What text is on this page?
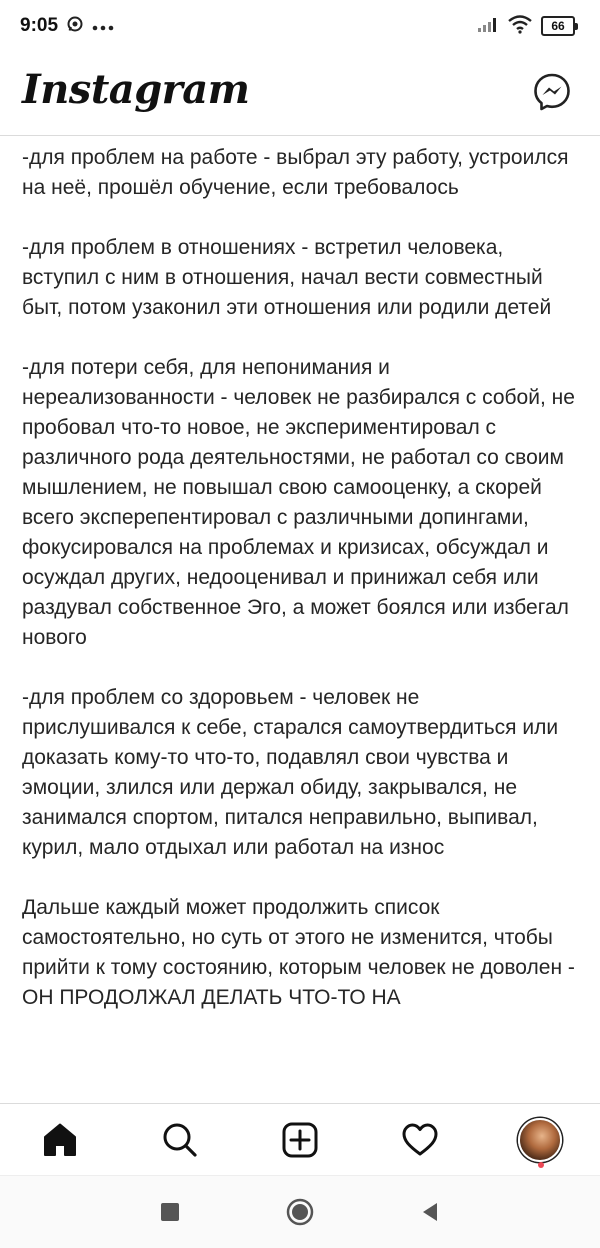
9:05	66
Instagram

-для проблем на работе - выбрал эту работу, устроился на неё, прошёл обучение, если требовалось

-для проблем в отношениях - встретил человека, вступил с ним в отношения, начал вести совместный быт, потом узаконил эти отношения или родили детей

-для потери себя, для непонимания и нереализованности - человек не разбирался с собой, не пробовал что-то новое, не экспериментировал с различного рода деятельностями, не работал со своим мышлением, не повышал свою самооценку, а скорей всего эксперепентировал с различными допингами, фокусировался на проблемах и кризисах, обсуждал и осуждал других, недооценивал и принижал себя или раздувал собственное Эго, а может боялся или избегал нового

-для проблем со здоровьем - человек не прислушивался к себе, старался самоутвердиться или доказать кому-то что-то, подавлял свои чувства и эмоции, злился или держал обиду, закрывался, не занимался спортом, питался неправильно, выпивал, курил, мало отдыхал или работал на износ

Дальше каждый может продолжить список самостоятельно, но суть от этого не изменится, чтобы прийти к тому состоянию, которым человек не доволен - ОН ПРОДОЛЖАЛ ДЕЛАТЬ ЧТО-ТО НА
